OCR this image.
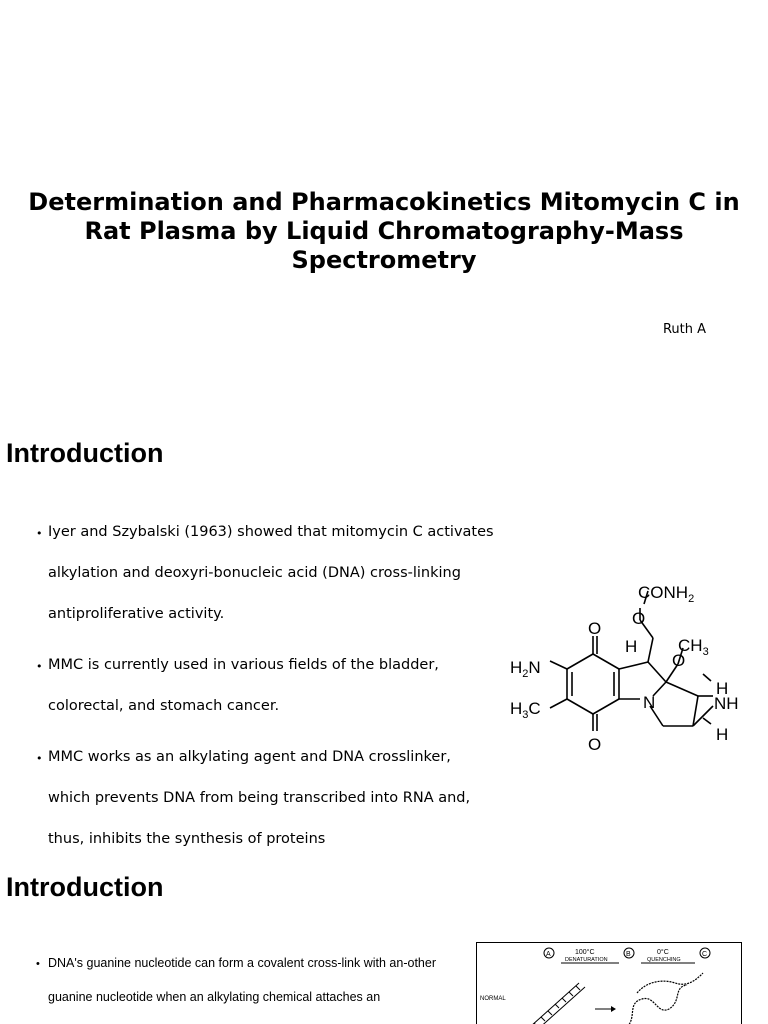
Determination and Pharmacokinetics Mitomycin C in Rat Plasma by Liquid Chromatography-Mass Spectrometry
Ruth A
Introduction
• Iyer and Szybalski (1963) showed that mitomycin C activates alkylation and deoxyri-bonucleic acid (DNA) cross-linking antiproliferative activity.
• MMC is currently used in various fields of the bladder, colorectal, and stomach cancer.
• MMC works as an alkylating agent and DNA crosslinker, which prevents DNA from being transcribed into RNA and, thus, inhibits the synthesis of proteins
$CONH_2$
O
O
H $CH_3$
O
$H_2N$
H
$H_3C$	N	NH
O
H
Introduction
• DNA's guanine nucleotide can form a covalent cross-link with an-other guanine nucleotide when an alkylating chemical attaches an
A	B	C
100°C
DENATURATION
0°C
QUENCHING
NORMAL
